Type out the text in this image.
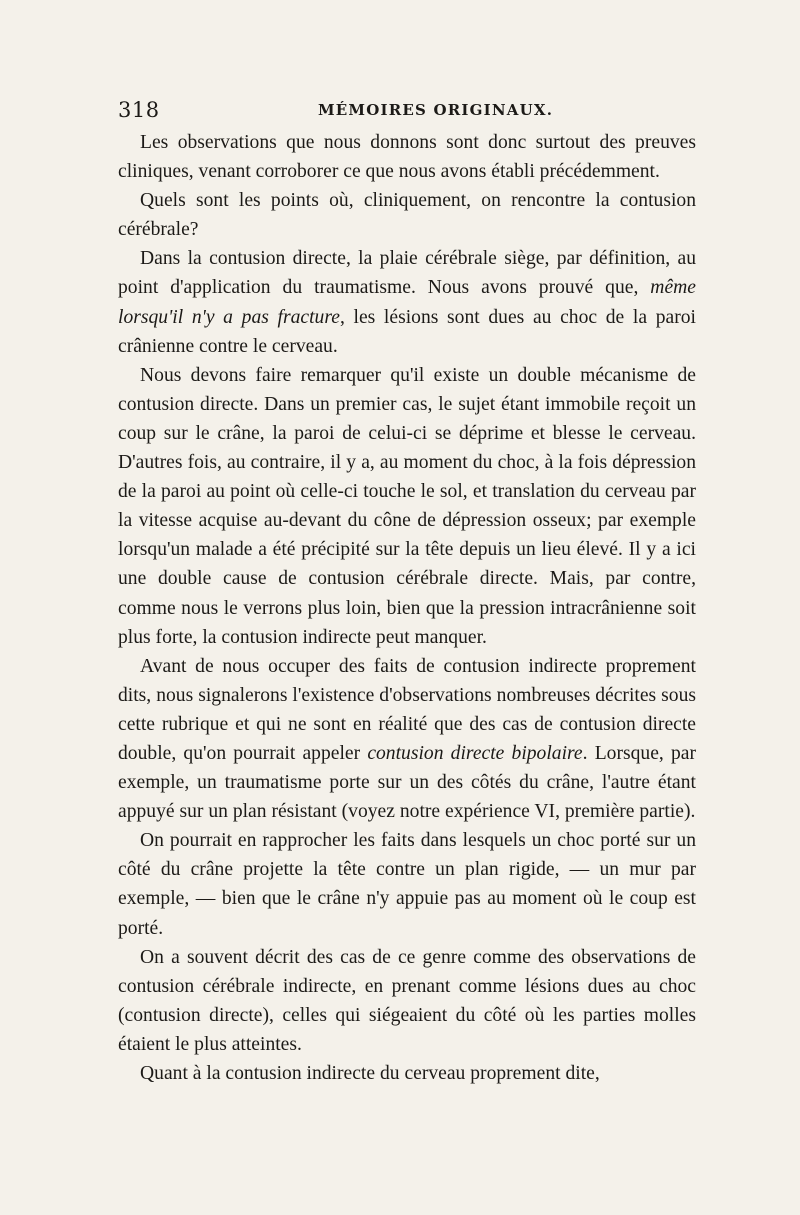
318	MÉMOIRES ORIGINAUX.

Les observations que nous donnons sont donc surtout des preuves cliniques, venant corroborer ce que nous avons établi précédemment.

Quels sont les points où, cliniquement, on rencontre la contusion cérébrale?

Dans la contusion directe, la plaie cérébrale siège, par définition, au point d'application du traumatisme. Nous avons prouvé que, même lorsqu'il n'y a pas fracture, les lésions sont dues au choc de la paroi crânienne contre le cerveau.

Nous devons faire remarquer qu'il existe un double mécanisme de contusion directe. Dans un premier cas, le sujet étant immobile reçoit un coup sur le crâne, la paroi de celui-ci se déprime et blesse le cerveau. D'autres fois, au contraire, il y a, au moment du choc, à la fois dépression de la paroi au point où celle-ci touche le sol, et translation du cerveau par la vitesse acquise au-devant du cône de dépression osseux; par exemple lorsqu'un malade a été précipité sur la tête depuis un lieu élevé. Il y a ici une double cause de contusion cérébrale directe. Mais, par contre, comme nous le verrons plus loin, bien que la pression intracrânienne soit plus forte, la contusion indirecte peut manquer.

Avant de nous occuper des faits de contusion indirecte proprement dits, nous signalerons l'existence d'observations nombreuses décrites sous cette rubrique et qui ne sont en réalité que des cas de contusion directe double, qu'on pourrait appeler contusion directe bipolaire. Lorsque, par exemple, un traumatisme porte sur un des côtés du crâne, l'autre étant appuyé sur un plan résistant (voyez notre expérience VI, première partie).

On pourrait en rapprocher les faits dans lesquels un choc porté sur un côté du crâne projette la tête contre un plan rigide, — un mur par exemple, — bien que le crâne n'y appuie pas au moment où le coup est porté.

On a souvent décrit des cas de ce genre comme des observations de contusion cérébrale indirecte, en prenant comme lésions dues au choc (contusion directe), celles qui siégeaient du côté où les parties molles étaient le plus atteintes.

Quant à la contusion indirecte du cerveau proprement dite,
